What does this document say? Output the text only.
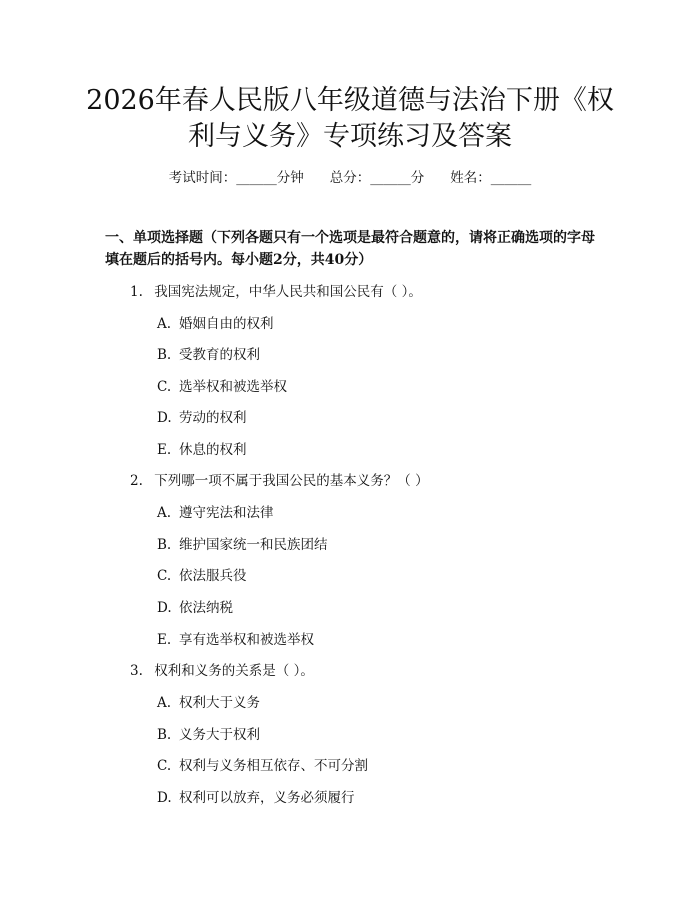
2026年春人民版八年级道德与法治下册《权
利与义务》专项练习及答案
考试时间：______分钟 总分：______分 姓名：______

一、单项选择题（下列各题只有一个选项是最符合题意的，请将正确选项的字母

填在题后的括号内。每小题2分，共40分）

1. 我国宪法规定，中华人民共和国公民有（ ）。
A. 婚姻自由的权利
B. 受教育的权利
C. 选举权和被选举权
D. 劳动的权利
E. 休息的权利
2. 下列哪一项不属于我国公民的基本义务？（ ）
A. 遵守宪法和法律
B. 维护国家统一和民族团结
C. 依法服兵役
D. 依法纳税
E. 享有选举权和被选举权
3. 权利和义务的关系是（ ）。
A. 权利大于义务
B. 义务大于权利
C. 权利与义务相互依存、不可分割
D. 权利可以放弃，义务必须履行
